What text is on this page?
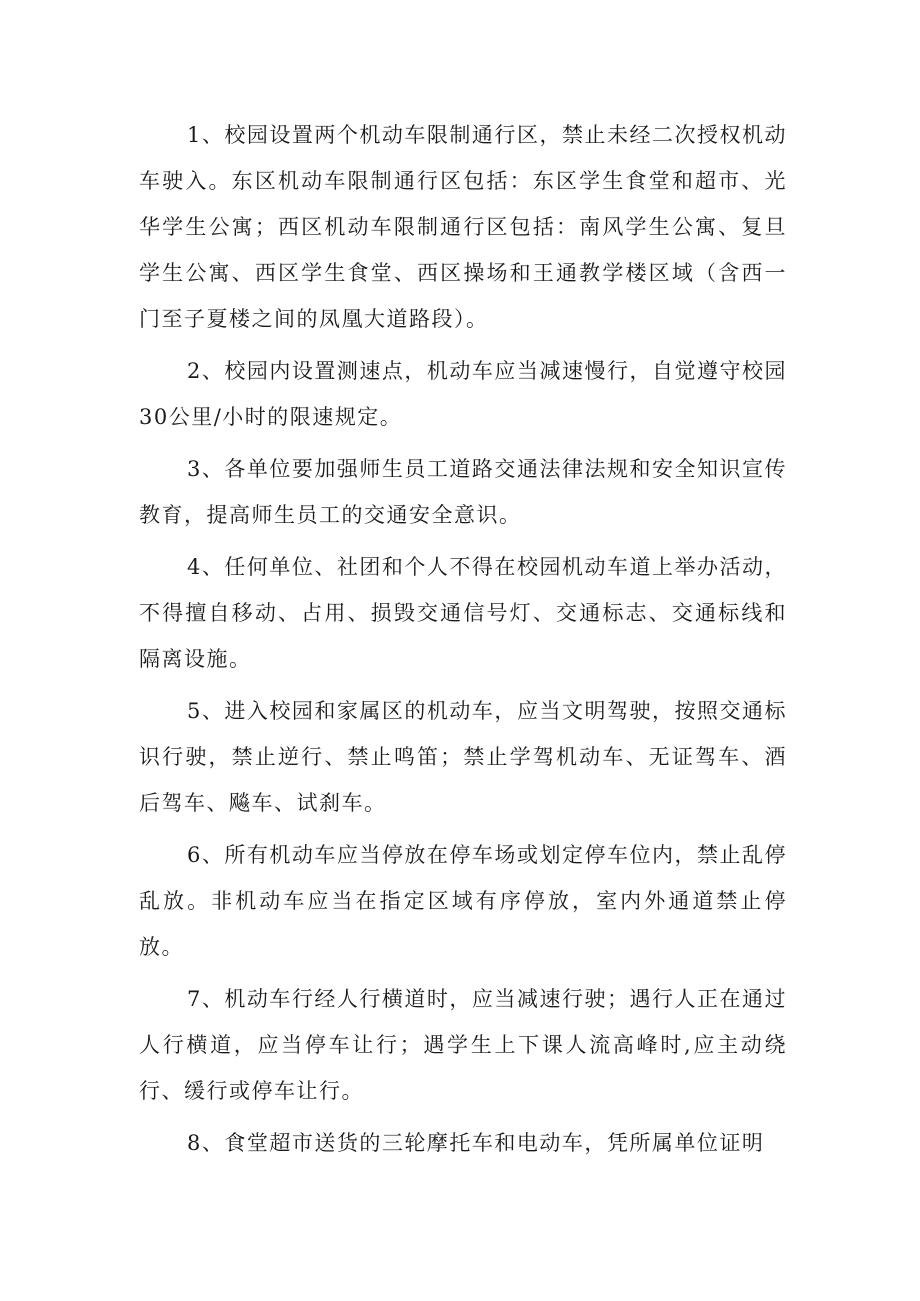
1、校园设置两个机动车限制通行区，禁止未经二次授权机动车驶入。东区机动车限制通行区包括：东区学生食堂和超市、光华学生公寓；西区机动车限制通行区包括：南风学生公寓、复旦学生公寓、西区学生食堂、西区操场和王通教学楼区域（含西一门至子夏楼之间的凤凰大道路段）。

2、校园内设置测速点，机动车应当减速慢行，自觉遵守校园30公里/小时的限速规定。

3、各单位要加强师生员工道路交通法律法规和安全知识宣传教育，提高师生员工的交通安全意识。

4、任何单位、社团和个人不得在校园机动车道上举办活动，不得擅自移动、占用、损毁交通信号灯、交通标志、交通标线和隔离设施。

5、进入校园和家属区的机动车，应当文明驾驶，按照交通标识行驶，禁止逆行、禁止鸣笛；禁止学驾机动车、无证驾车、酒后驾车、飚车、试刹车。

6、所有机动车应当停放在停车场或划定停车位内，禁止乱停乱放。非机动车应当在指定区域有序停放，室内外通道禁止停放。

7、机动车行经人行横道时，应当减速行驶；遇行人正在通过人行横道，应当停车让行；遇学生上下课人流高峰时,应主动绕行、缓行或停车让行。

8、食堂超市送货的三轮摩托车和电动车，凭所属单位证明
